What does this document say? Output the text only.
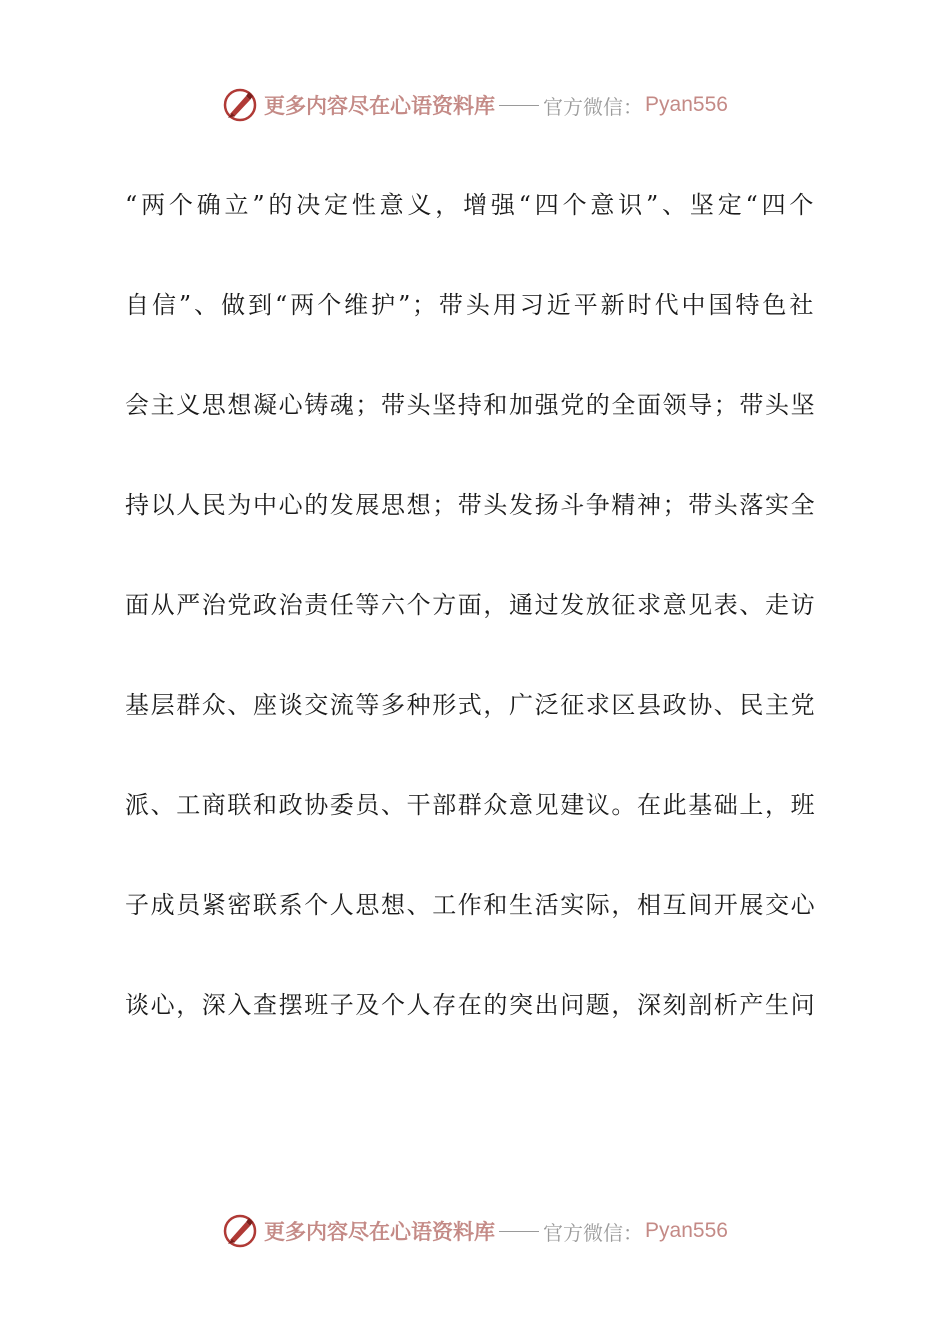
更多内容尽在心语资料库 官方微信： Pyan556
“两个确立”的决定性意义，增强“四个意识”、坚定“四个
自信”、做到“两个维护”；带头用习近平新时代中国特色社
会主义思想凝心铸魂；带头坚持和加强党的全面领导；带头坚
持以人民为中心的发展思想；带头发扬斗争精神；带头落实全
面从严治党政治责任等六个方面，通过发放征求意见表、走访
基层群众、座谈交流等多种形式，广泛征求区县政协、民主党
派、工商联和政协委员、干部群众意见建议。在此基础上，班
子成员紧密联系个人思想、工作和生活实际，相互间开展交心
谈心，深入查摆班子及个人存在的突出问题，深刻剖析产生问
更多内容尽在心语资料库 官方微信： Pyan556
